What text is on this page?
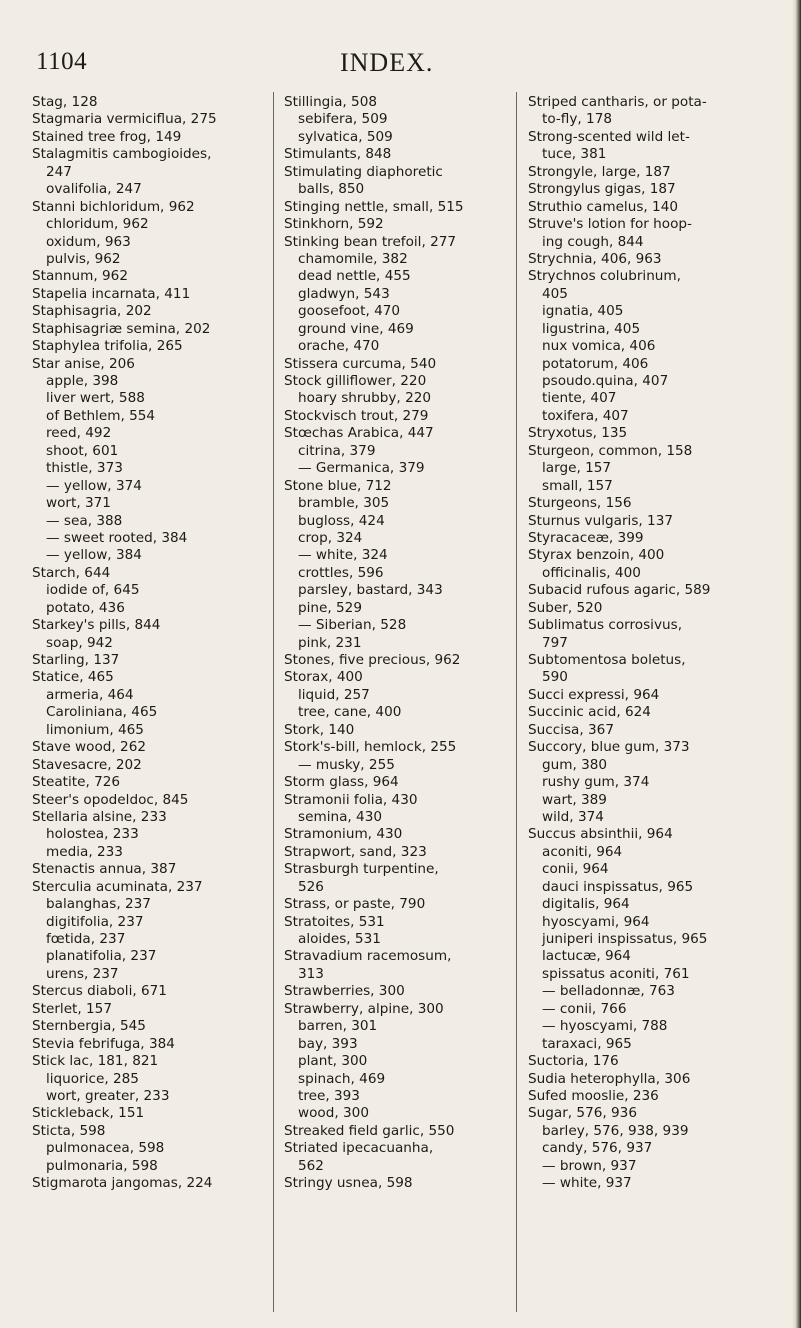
1104	INDEX.
Stag, 128
Stagmaria vermiciflua, 275
Stained tree frog, 149
Stalagmitis cambogioides,
247
ovalifolia, 247
Stanni bichloridum, 962
chloridum, 962
oxidum, 963
pulvis, 962
Stannum, 962
Stapelia incarnata, 411
Staphisagria, 202
Staphisagriæ semina, 202
Staphylea trifolia, 265
Star anise, 206
apple, 398
liver wert, 588
of Bethlem, 554
reed, 492
shoot, 601
thistle, 373
— yellow, 374
wort, 371
— sea, 388
— sweet rooted, 384
— yellow, 384
Starch, 644
iodide of, 645
potato, 436
Starkey's pills, 844
soap, 942
Starling, 137
Statice, 465
armeria, 464
Caroliniana, 465
limonium, 465
Stave wood, 262
Stavesacre, 202
Steatite, 726
Steer's opodeldoc, 845
Stellaria alsine, 233
holostea, 233
media, 233
Stenactis annua, 387
Sterculia acuminata, 237
balanghas, 237
digitifolia, 237
fœtida, 237
planatifolia, 237
urens, 237
Stercus diaboli, 671
Sterlet, 157
Sternbergia, 545
Stevia febrifuga, 384
Stick lac, 181, 821
liquorice, 285
wort, greater, 233
Stickleback, 151
Sticta, 598
pulmonacea, 598
pulmonaria, 598
Stigmarota jangomas, 224
Stillingia, 508
sebifera, 509
sylvatica, 509
Stimulants, 848
Stimulating diaphoretic
balls, 850
Stinging nettle, small, 515
Stinkhorn, 592
Stinking bean trefoil, 277
chamomile, 382
dead nettle, 455
gladwyn, 543
goosefoot, 470
ground vine, 469
orache, 470
Stissera curcuma, 540
Stock gilliflower, 220
hoary shrubby, 220
Stockvisch trout, 279
Stœchas Arabica, 447
citrina, 379
— Germanica, 379
Stone blue, 712
bramble, 305
bugloss, 424
crop, 324
— white, 324
crottles, 596
parsley, bastard, 343
pine, 529
— Siberian, 528
pink, 231
Stones, five precious, 962
Storax, 400
liquid, 257
tree, cane, 400
Stork, 140
Stork's-bill, hemlock, 255
— musky, 255
Storm glass, 964
Stramonii folia, 430
semina, 430
Stramonium, 430
Strapwort, sand, 323
Strasburgh turpentine,
526
Strass, or paste, 790
Stratoites, 531
aloides, 531
Stravadium racemosum,
313
Strawberries, 300
Strawberry, alpine, 300
barren, 301
bay, 393
plant, 300
spinach, 469
tree, 393
wood, 300
Streaked field garlic, 550
Striated ipecacuanha,
562
Stringy usnea, 598
Striped cantharis, or pota-
to-fly, 178
Strong-scented wild let-
tuce, 381
Strongyle, large, 187
Strongylus gigas, 187
Struthio camelus, 140
Struve's lotion for hoop-
ing cough, 844
Strychnia, 406, 963
Strychnos colubrinum,
405
ignatia, 405
ligustrina, 405
nux vomica, 406
potatorum, 406
psoudo.quina, 407
tiente, 407
toxifera, 407
Stryxotus, 135
Sturgeon, common, 158
large, 157
small, 157
Sturgeons, 156
Sturnus vulgaris, 137
Styracaceæ, 399
Styrax benzoin, 400
officinalis, 400
Subacid rufous agaric, 589
Suber, 520
Sublimatus corrosivus,
797
Subtomentosa boletus,
590
Succi expressi, 964
Succinic acid, 624
Succisa, 367
Succory, blue gum, 373
gum, 380
rushy gum, 374
wart, 389
wild, 374
Succus absinthii, 964
aconiti, 964
conii, 964
dauci inspissatus, 965
digitalis, 964
hyoscyami, 964
juniperi inspissatus, 965
lactucæ, 964
spissatus aconiti, 761
— belladonnæ, 763
— conii, 766
— hyoscyami, 788
taraxaci, 965
Suctoria, 176
Sudia heterophylla, 306
Sufed mooslie, 236
Sugar, 576, 936
barley, 576, 938, 939
candy, 576, 937
— brown, 937
— white, 937
